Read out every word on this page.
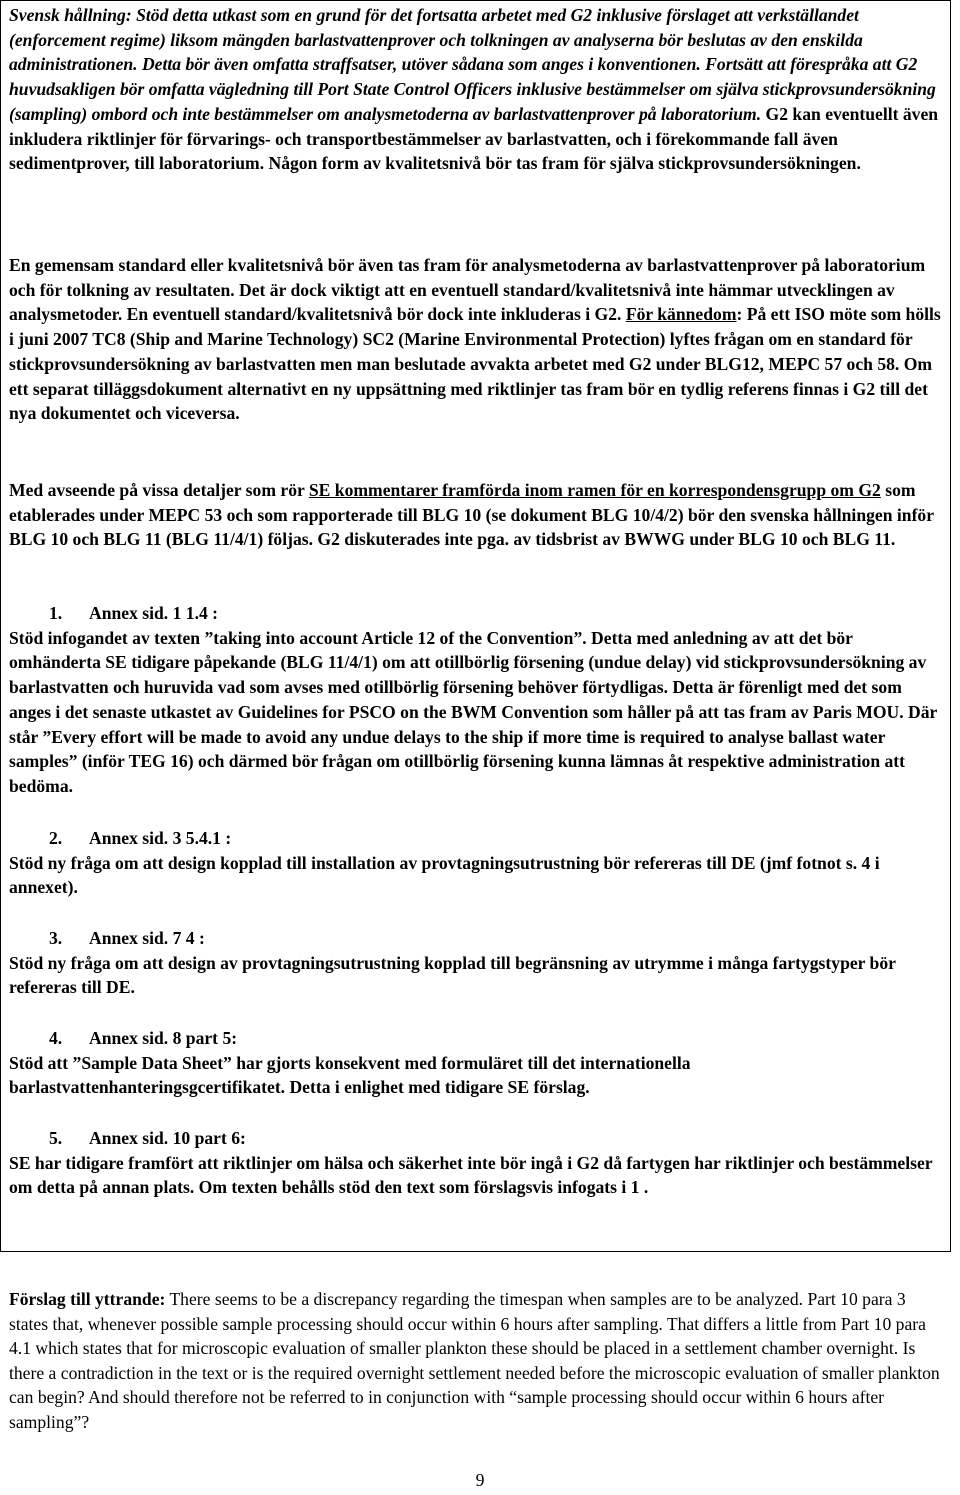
Svensk hållning: Stöd detta utkast som en grund för det fortsatta arbetet med G2 inklusive förslaget att verkställandet (enforcement regime) liksom mängden barlastvattenprover och tolkningen av analyserna bör beslutas av den enskilda administrationen. Detta bör även omfatta straffsatser, utöver sådana som anges i konventionen. Fortsätt att förespråka att G2 huvudsakligen bör omfatta vägledning till Port State Control Officers inklusive bestämmelser om själva stickprovsundersökning (sampling) ombord och inte bestämmelser om analysmetoderna av barlastvattenprover på laboratorium. G2 kan eventuellt även inkludera riktlinjer för förvarings- och transportbestämmelser av barlastvatten, och i förekommande fall även sedimentprover, till laboratorium. Någon form av kvalitetsnivå bör tas fram för själva stickprovsundersökningen.
En gemensam standard eller kvalitetsnivå bör även tas fram för analysmetoderna av barlastvattenprover på laboratorium och för tolkning av resultaten. Det är dock viktigt att en eventuell standard/kvalitetsnivå inte hämmar utvecklingen av analysmetoder. En eventuell standard/kvalitetsnivå bör dock inte inkluderas i G2. För kännedom: På ett ISO möte som hölls i juni 2007 TC8 (Ship and Marine Technology) SC2 (Marine Environmental Protection) lyftes frågan om en standard för stickprovsundersökning av barlastvatten men man beslutade avvakta arbetet med G2 under BLG12, MEPC 57 och 58. Om ett separat tilläggsdokument alternativt en ny uppsättning med riktlinjer tas fram bör en tydlig referens finnas i G2 till det nya dokumentet och viceversa.
Med avseende på vissa detaljer som rör SE kommentarer framförda inom ramen för en korrespondensgrupp om G2 som etablerades under MEPC 53 och som rapporterade till BLG 10 (se dokument BLG 10/4/2) bör den svenska hållningen inför BLG 10 och BLG 11 (BLG 11/4/1) följas. G2 diskuterades inte pga. av tidsbrist av BWWG under BLG 10 och BLG 11.
1. Annex sid. 1 1.4 :
Stöd infogandet av texten ”taking into account Article 12 of the Convention”. Detta med anledning av att det bör omhänderta SE tidigare påpekande (BLG 11/4/1) om att otillbörlig försening (undue delay) vid stickprovsundersökning av barlastvatten och huruvida vad som avses med otillbörlig försening behöver förtydligas. Detta är förenligt med det som anges i det senaste utkastet av Guidelines for PSCO on the BWM Convention som håller på att tas fram av Paris MOU. Där står ”Every effort will be made to avoid any undue delays to the ship if more time is required to analyse ballast water samples” (inför TEG 16) och därmed bör frågan om otillbörlig försening kunna lämnas åt respektive administration att bedöma.
2. Annex sid. 3 5.4.1 :
Stöd ny fråga om att design kopplad till installation av provtagningsutrustning bör refereras till DE (jmf fotnot s. 4 i annexet).
3. Annex sid. 7 4 :
Stöd ny fråga om att design av provtagningsutrustning kopplad till begränsning av utrymme i många fartygstyper bör refereras till DE.
4. Annex sid. 8 part 5:
Stöd att ”Sample Data Sheet” har gjorts konsekvent med formuläret till det internationella barlastvattenhanteringsgcertifikatet. Detta i enlighet med tidigare SE förslag.
5. Annex sid. 10 part 6:
SE har tidigare framfört att riktlinjer om hälsa och säkerhet inte bör ingå i G2 då fartygen har riktlinjer och bestämmelser om detta på annan plats. Om texten behålls stöd den text som förslagsvis infogats i 1 .
Förslag till yttrande: There seems to be a discrepancy regarding the timespan when samples are to be analyzed. Part 10 para 3 states that, whenever possible sample processing should occur within 6 hours after sampling. That differs a little from Part 10 para 4.1 which states that for microscopic evaluation of smaller plankton these should be placed in a settlement chamber overnight. Is there a contradiction in the text or is the required overnight settlement needed before the microscopic evaluation of smaller plankton can begin? And should therefore not be referred to in conjunction with “sample processing should occur within 6 hours after sampling”?
9
